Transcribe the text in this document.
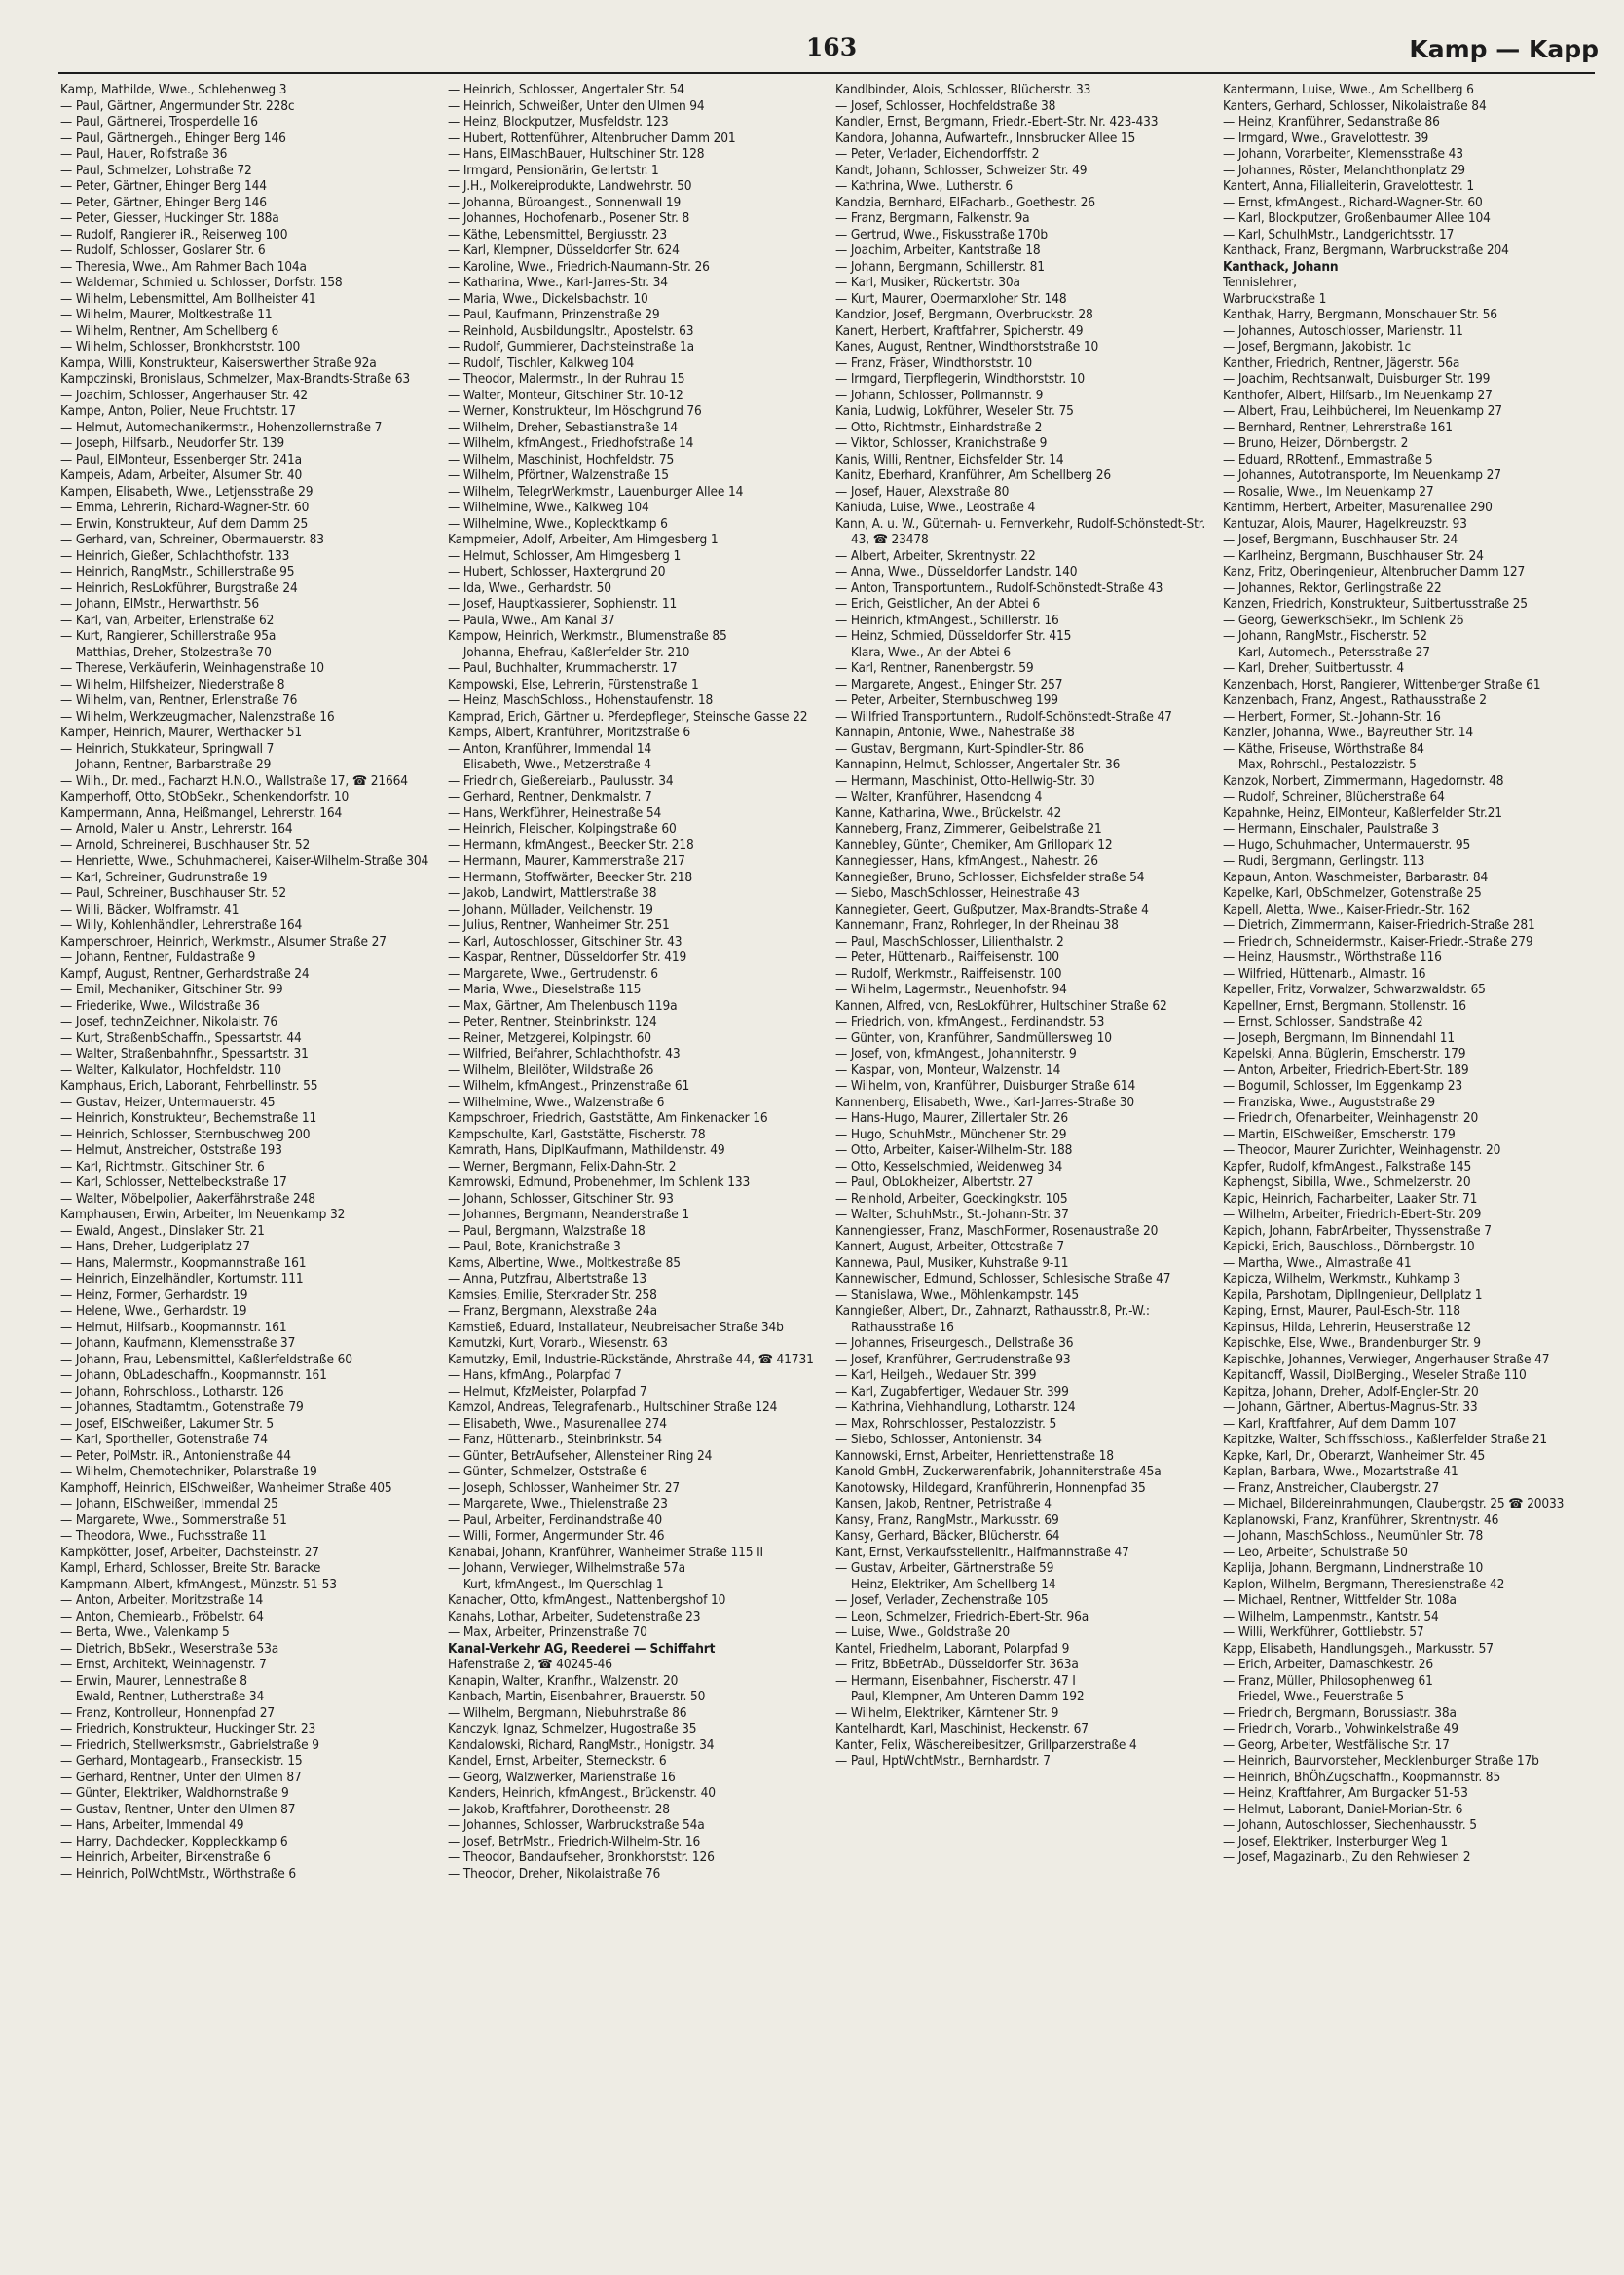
163	Kamp — Kapp
Kamp, Mathilde, Wwe., Schlehenweg 3
— Paul, Gärtner, Angermunder Str. 228c
— Paul, Gärtnerei, Trosperdelle 16
— Paul, Gärtnergeh., Ehinger Berg 146
— Paul, Hauer, Rolfstraße 36
— Paul, Schmelzer, Lohstraße 72
— Peter, Gärtner, Ehinger Berg 144
— Peter, Gärtner, Ehinger Berg 146
— Peter, Giesser, Huckinger Str. 188a
— Rudolf, Rangierer iR., Reiserweg 100
— Rudolf, Schlosser, Goslarer Str. 6
— Theresia, Wwe., Am Rahmer Bach 104a
— Waldemar, Schmied u. Schlosser, Dorfstr. 158
— Wilhelm, Lebensmittel, Am Bollheister 41
— Wilhelm, Maurer, Moltkestraße 11
— Wilhelm, Rentner, Am Schellberg 6
— Wilhelm, Schlosser, Bronkhorststr. 100
Kampa, Willi, Konstrukteur, Kaiserswerther Straße 92a
Kampczinski, Bronislaus, Schmelzer, Max-Brandts-Straße 63
— Joachim, Schlosser, Angerhauser Str. 42
Kampe, Anton, Polier, Neue Fruchtstr. 17
— Helmut, Automechanikermstr., Hohenzollernstraße 7
— Joseph, Hilfsarb., Neudorfer Str. 139
— Paul, ElMonteur, Essenberger Str. 241a
Kampeis, Adam, Arbeiter, Alsumer Str. 40
Kampen, Elisabeth, Wwe., Letjensstraße 29
— Emma, Lehrerin, Richard-Wagner-Str. 60
— Erwin, Konstrukteur, Auf dem Damm 25
— Gerhard, van, Schreiner, Obermauerstr. 83
— Heinrich, Gießer, Schlachthofstr. 133
— Heinrich, RangMstr., Schillerstraße 95
— Heinrich, ResLokführer, Burgstraße 24
— Johann, ElMstr., Herwarthstr. 56
— Karl, van, Arbeiter, Erlenstraße 62
— Kurt, Rangierer, Schillerstraße 95a
— Matthias, Dreher, Stolzestraße 70
— Therese, Verkäuferin, Weinhagenstraße 10
— Wilhelm, Hilfsheizer, Niederstraße 8
— Wilhelm, van, Rentner, Erlenstraße 76
— Wilhelm, Werkzeugmacher, Nalenzstraße 16
Kamper, Heinrich, Maurer, Werthacker 51
— Heinrich, Stukkateur, Springwall 7
— Johann, Rentner, Barbarstraße 29
— Wilh., Dr. med., Facharzt H.N.O., Wallstraße 17, ☎ 21664
Kamperhoff, Otto, StObSekr., Schenkendorfstr. 10
Kampermann, Anna, Heißmangel, Lehrerstr. 164
— Arnold, Maler u. Anstr., Lehrerstr. 164
— Arnold, Schreinerei, Buschhauser Str. 52
— Henriette, Wwe., Schuhmacherei, Kaiser-Wilhelm-Straße 304
— Karl, Schreiner, Gudrunstraße 19
— Paul, Schreiner, Buschhauser Str. 52
— Willi, Bäcker, Wolframstr. 41
— Willy, Kohlenhändler, Lehrerstraße 164
Kamperschroer, Heinrich, Werkmstr., Alsumer Straße 27
— Johann, Rentner, Fuldastraße 9
Kampf, August, Rentner, Gerhardstraße 24
— Emil, Mechaniker, Gitschiner Str. 99
— Friederike, Wwe., Wildstraße 36
— Josef, technZeichner, Nikolaistr. 76
— Kurt, StraßenbSchaffn., Spessartstr. 44
— Walter, Straßenbahnfhr., Spessartstr. 31
— Walter, Kalkulator, Hochfeldstr. 110
Kamphaus, Erich, Laborant, Fehrbellinstr. 55
— Gustav, Heizer, Untermauerstr. 45
— Heinrich, Konstrukteur, Bechemstraße 11
— Heinrich, Schlosser, Sternbuschweg 200
— Helmut, Anstreicher, Oststraße 193
— Karl, Richtmstr., Gitschiner Str. 6
— Karl, Schlosser, Nettelbeckstraße 17
— Walter, Möbelpolier, Aakerfährstraße 248
Kamphausen, Erwin, Arbeiter, Im Neuenkamp 32
— Ewald, Angest., Dinslaker Str. 21
— Hans, Dreher, Ludgeriplatz 27
— Hans, Malermstr., Koopmannstraße 161
— Heinrich, Einzelhändler, Kortumstr. 111
— Heinz, Former, Gerhardstr. 19
— Helene, Wwe., Gerhardstr. 19
— Helmut, Hilfsarb., Koopmannstr. 161
— Johann, Kaufmann, Klemensstraße 37
— Johann, Frau, Lebensmittel, Kaßlerfeldstraße 60
— Johann, ObLadeschaffn., Koopmannstr. 161
— Johann, Rohrschloss., Lotharstr. 126
— Johannes, Stadtamtm., Gotenstraße 79
— Josef, ElSchweißer, Lakumer Str. 5
— Karl, Sportheller, Gotenstraße 74
— Peter, PolMstr. iR., Antonienstraße 44
— Wilhelm, Chemotechniker, Polarstraße 19
Kamphoff, Heinrich, ElSchweißer, Wanheimer Straße 405
— Johann, ElSchweißer, Immendal 25
— Margarete, Wwe., Sommerstraße 51
— Theodora, Wwe., Fuchsstraße 11
Kampkötter, Josef, Arbeiter, Dachsteinstr. 27
Kampl, Erhard, Schlosser, Breite Str. Baracke
Kampmann, Albert, kfmAngest., Münzstr. 51-53
— Anton, Arbeiter, Moritzstraße 14
— Anton, Chemiearb., Fröbelstr. 64
— Berta, Wwe., Valenkamp 5
— Dietrich, BbSekr., Weserstraße 53a
— Ernst, Architekt, Weinhagenstr. 7
— Erwin, Maurer, Lennestraße 8
— Ewald, Rentner, Lutherstraße 34
— Franz, Kontrolleur, Honnenpfad 27
— Friedrich, Konstrukteur, Huckinger Str. 23
— Friedrich, Stellwerksmstr., Gabrielstraße 9
— Gerhard, Montagearb., Franseckistr. 15
— Gerhard, Rentner, Unter den Ulmen 87
— Günter, Elektriker, Waldhornstraße 9
— Gustav, Rentner, Unter den Ulmen 87
— Hans, Arbeiter, Immendal 49
— Harry, Dachdecker, Koppleckkamp 6
— Heinrich, Arbeiter, Birkenstraße 6
— Heinrich, PolWchtMstr., Wörthstraße 6
— Heinrich, Schlosser, Angertaler Str. 54
— Heinrich, Schweißer, Unter den Ulmen 94
— Heinz, Blockputzer, Musfeldstr. 123
— Hubert, Rottenführer, Altenbrucher Damm 201
— Hans, ElMaschBauer, Hultschiner Str. 128
— Irmgard, Pensionärin, Gellertstr. 1
— J.H., Molkereiprodukte, Landwehrstr. 50
— Johanna, Büroangest., Sonnenwall 19
— Johannes, Hochofenarb., Posener Str. 8
— Käthe, Lebensmittel, Bergiusstr. 23
— Karl, Klempner, Düsseldorfer Str. 624
— Karoline, Wwe., Friedrich-Naumann-Str. 26
— Katharina, Wwe., Karl-Jarres-Str. 34
— Maria, Wwe., Dickelsbachstr. 10
— Paul, Kaufmann, Prinzenstraße 29
— Reinhold, Ausbildungsltr., Apostelstr. 63
— Rudolf, Gummierer, Dachsteinstraße 1a
— Rudolf, Tischler, Kalkweg 104
— Theodor, Malermstr., In der Ruhrau 15
— Walter, Monteur, Gitschiner Str. 10-12
— Werner, Konstrukteur, Im Höschgrund 76
— Wilhelm, Dreher, Sebastianstraße 14
— Wilhelm, kfmAngest., Friedhofstraße 14
— Wilhelm, Maschinist, Hochfeldstr. 75
— Wilhelm, Pförtner, Walzenstraße 15
— Wilhelm, TelegrWerkmstr., Lauenburger Allee 14
— Wilhelmine, Wwe., Kalkweg 104
— Wilhelmine, Wwe., Koplecktkamp 6
Kampmeier, Adolf, Arbeiter, Am Himgesberg 1
— Helmut, Schlosser, Am Himgesberg 1
— Hubert, Schlosser, Haxtergrund 20
— Ida, Wwe., Gerhardstr. 50
— Josef, Hauptkassierer, Sophienstr. 11
— Paula, Wwe., Am Kanal 37
Kampow, Heinrich, Werkmstr., Blumenstraße 85
— Johanna, Ehefrau, Kaßlerfelder Str. 210
— Paul, Buchhalter, Krummacherstr. 17
Kampowski, Else, Lehrerin, Fürstenstraße 1
— Heinz, MaschSchloss., Hohenstaufenstr. 18
Kamprad, Erich, Gärtner u. Pferdepfleger, Steinsche Gasse 22
Kamps, Albert, Kranführer, Moritzstraße 6
— Anton, Kranführer, Immendal 14
— Elisabeth, Wwe., Metzerstraße 4
— Friedrich, Gießereiarb., Paulusstr. 34
— Gerhard, Rentner, Denkmalstr. 7
— Hans, Werkführer, Heinestraße 54
— Heinrich, Fleischer, Kolpingstraße 60
— Hermann, kfmAngest., Beecker Str. 218
— Hermann, Maurer, Kammerstraße 217
— Hermann, Stoffwärter, Beecker Str. 218
— Jakob, Landwirt, Mattlerstraße 38
— Johann, Müllader, Veilchenstr. 19
— Julius, Rentner, Wanheimer Str. 251
— Karl, Autoschlosser, Gitschiner Str. 43
— Kaspar, Rentner, Düsseldorfer Str. 419
— Margarete, Wwe., Gertrudenstr. 6
— Maria, Wwe., Dieselstraße 115
— Max, Gärtner, Am Thelenbusch 119a
— Peter, Rentner, Steinbrinkstr. 124
— Reiner, Metzgerei, Kolpingstr. 60
— Wilfried, Beifahrer, Schlachthofstr. 43
— Wilhelm, Bleilöter, Wildstraße 26
— Wilhelm, kfmAngest., Prinzenstraße 61
— Wilhelmine, Wwe., Walzenstraße 6
Kampschroer, Friedrich, Gaststätte, Am Finkenacker 16
Kampschulte, Karl, Gaststätte, Fischerstr. 78
Kamrath, Hans, DiplKaufmann, Mathildenstr. 49
— Werner, Bergmann, Felix-Dahn-Str. 2
Kamrowski, Edmund, Probenehmer, Im Schlenk 133
— Johann, Schlosser, Gitschiner Str. 93
— Johannes, Bergmann, Neanderstraße 1
— Paul, Bergmann, Walzstraße 18
— Paul, Bote, Kranichstraße 3
Kams, Albertine, Wwe., Moltkestraße 85
— Anna, Putzfrau, Albertstraße 13
Kamsies, Emilie, Sterkrader Str. 258
— Franz, Bergmann, Alexstraße 24a
Kamstieß, Eduard, Installateur, Neubreisacher Straße 34b
Kamutzki, Kurt, Vorarb., Wiesenstr. 63
Kamutzky, Emil, Industrie-Rückstände, Ahrstraße 44, ☎ 41731
— Hans, kfmAng., Polarpfad 7
— Helmut, KfzMeister, Polarpfad 7
Kamzol, Andreas, Telegrafenarb., Hultschiner Straße 124
— Elisabeth, Wwe., Masurenallee 274
— Fanz, Hüttenarb., Steinbrinkstr. 54
— Günter, BetrAufseher, Allensteiner Ring 24
— Günter, Schmelzer, Oststraße 6
— Joseph, Schlosser, Wanheimer Str. 27
— Margarete, Wwe., Thielenstraße 23
— Paul, Arbeiter, Ferdinandstraße 40
— Willi, Former, Angermunder Str. 46
Kanabai, Johann, Kranführer, Wanheimer Straße 115 II
— Johann, Verwieger, Wilhelmstraße 57a
— Kurt, kfmAngest., Im Querschlag 1
Kanacher, Otto, kfmAngest., Nattenbergshof 10
Kanahs, Lothar, Arbeiter, Sudetenstraße 23
— Max, Arbeiter, Prinzenstraße 70
Kanal-Verkehr AG, Reederei — Schiffahrt
Hafenstraße 2, ☎ 40245-46
Kanapin, Walter, Kranfhr., Walzenstr. 20
Kanbach, Martin, Eisenbahner, Brauerstr. 50
— Wilhelm, Bergmann, Niebuhrstraße 86
Kanczyk, Ignaz, Schmelzer, Hugostraße 35
Kandalowski, Richard, RangMstr., Honigstr. 34
Kandel, Ernst, Arbeiter, Sterneckstr. 6
— Georg, Walzwerker, Marienstraße 16
Kanders, Heinrich, kfmAngest., Brückenstr. 40
— Jakob, Kraftfahrer, Dorotheenstr. 28
— Johannes, Schlosser, Warbruckstraße 54a
— Josef, BetrMstr., Friedrich-Wilhelm-Str. 16
— Theodor, Bandaufseher, Bronkhorststr. 126
— Theodor, Dreher, Nikolaistraße 76
Kandlbinder, Alois, Schlosser, Blücherstr. 33
— Josef, Schlosser, Hochfeldstraße 38
Kandler, Ernst, Bergmann, Friedr.-Ebert-Str. Nr. 423-433
Kandora, Johanna, Aufwartefr., Innsbrucker Allee 15
— Peter, Verlader, Eichendorffstr. 2
Kandt, Johann, Schlosser, Schweizer Str. 49
— Kathrina, Wwe., Lutherstr. 6
Kandzia, Bernhard, ElFacharb., Goethestr. 26
— Franz, Bergmann, Falkenstr. 9a
— Gertrud, Wwe., Fiskusstraße 170b
— Joachim, Arbeiter, Kantstraße 18
— Johann, Bergmann, Schillerstr. 81
— Karl, Musiker, Rückertstr. 30a
— Kurt, Maurer, Obermarxloher Str. 148
Kandzior, Josef, Bergmann, Overbruckstr. 28
Kanert, Herbert, Kraftfahrer, Spicherstr. 49
Kanes, August, Rentner, Windthorststraße 10
— Franz, Fräser, Windthorststr. 10
— Irmgard, Tierpflegerin, Windthorststr. 10
— Johann, Schlosser, Pollmannstr. 9
Kania, Ludwig, Lokführer, Weseler Str. 75
— Otto, Richtmstr., Einhardstraße 2
— Viktor, Schlosser, Kranichstraße 9
Kanis, Willi, Rentner, Eichsfelder Str. 14
Kanitz, Eberhard, Kranführer, Am Schellberg 26
— Josef, Hauer, Alexstraße 80
Kaniuda, Luise, Wwe., Leostraße 4
Kann, A. u. W., Güternah- u. Fernverkehr, Rudolf-Schönstedt-Str. 43, ☎ 23478
— Albert, Arbeiter, Skrentnystr. 22
— Anna, Wwe., Düsseldorfer Landstr. 140
— Anton, Transportuntern., Rudolf-Schönstedt-Straße 43
— Erich, Geistlicher, An der Abtei 6
— Heinrich, kfmAngest., Schillerstr. 16
— Heinz, Schmied, Düsseldorfer Str. 415
— Klara, Wwe., An der Abtei 6
— Karl, Rentner, Ranenbergstr. 59
— Margarete, Angest., Ehinger Str. 257
— Peter, Arbeiter, Sternbuschweg 199
— Willfried Transportuntern., Rudolf-Schönstedt-Straße 47
Kannapin, Antonie, Wwe., Nahestraße 38
— Gustav, Bergmann, Kurt-Spindler-Str. 86
Kannapinn, Helmut, Schlosser, Angertaler Str. 36
— Hermann, Maschinist, Otto-Hellwig-Str. 30
— Walter, Kranführer, Hasendong 4
Kanne, Katharina, Wwe., Brückelstr. 42
Kanneberg, Franz, Zimmerer, Geibelstraße 21
Kannebley, Günter, Chemiker, Am Grillopark 12
Kannegiesser, Hans, kfmAngest., Nahestr. 26
Kannegießer, Bruno, Schlosser, Eichsfelder straße 54
— Siebo, MaschSchlosser, Heinestraße 43
Kannegieter, Geert, Gußputzer, Max-Brandts-Straße 4
Kannemann, Franz, Rohrleger, In der Rheinau 38
— Paul, MaschSchlosser, Lilienthalstr. 2
— Peter, Hüttenarb., Raiffeisenstr. 100
— Rudolf, Werkmstr., Raiffeisenstr. 100
— Wilhelm, Lagermstr., Neuenhofstr. 94
Kannen, Alfred, von, ResLokführer, Hultschiner Straße 62
— Friedrich, von, kfmAngest., Ferdinandstr. 53
— Günter, von, Kranführer, Sandmüllersweg 10
— Josef, von, kfmAngest., Johanniterstr. 9
— Kaspar, von, Monteur, Walzenstr. 14
— Wilhelm, von, Kranführer, Duisburger Straße 614
Kannenberg, Elisabeth, Wwe., Karl-Jarres-Straße 30
— Hans-Hugo, Maurer, Zillertaler Str. 26
— Hugo, SchuhMstr., Münchener Str. 29
— Otto, Arbeiter, Kaiser-Wilhelm-Str. 188
— Otto, Kesselschmied, Weidenweg 34
— Paul, ObLokheizer, Albertstr. 27
— Reinhold, Arbeiter, Goeckingkstr. 105
— Walter, SchuhMstr., St.-Johann-Str. 37
Kannengiesser, Franz, MaschFormer, Rosenaustraße 20
Kannert, August, Arbeiter, Ottostraße 7
Kannewa, Paul, Musiker, Kuhstraße 9-11
Kannewischer, Edmund, Schlosser, Schlesische Straße 47
— Stanislawa, Wwe., Möhlenkampstr. 145
Kanngießer, Albert, Dr., Zahnarzt, Rathausstr.8, Pr.-W.: Rathausstraße 16
— Johannes, Friseurgesch., Dellstraße 36
— Josef, Kranführer, Gertrudenstraße 93
— Karl, Heilgeh., Wedauer Str. 399
— Karl, Zugabfertiger, Wedauer Str. 399
— Kathrina, Viehhandlung, Lotharstr. 124
— Max, Rohrschlosser, Pestalozzistr. 5
— Siebo, Schlosser, Antonienstr. 34
Kannowski, Ernst, Arbeiter, Henriettenstraße 18
Kanold GmbH, Zuckerwarenfabrik, Johanniterstraße 45a
Kanotowsky, Hildegard, Kranführerin, Honnenpfad 35
Kansen, Jakob, Rentner, Petristraße 4
Kansy, Franz, RangMstr., Markusstr. 69
Kansy, Gerhard, Bäcker, Blücherstr. 64
Kant, Ernst, Verkaufsstellenltr., Halfmannstraße 47
— Gustav, Arbeiter, Gärtnerstraße 59
— Heinz, Elektriker, Am Schellberg 14
— Josef, Verlader, Zechenstraße 105
— Leon, Schmelzer, Friedrich-Ebert-Str. 96a
— Luise, Wwe., Goldstraße 20
Kantel, Friedhelm, Laborant, Polarpfad 9
— Fritz, BbBetrAb., Düsseldorfer Str. 363a
— Hermann, Eisenbahner, Fischerstr. 47 I
— Paul, Klempner, Am Unteren Damm 192
— Wilhelm, Elektriker, Kärntener Str. 9
Kantelhardt, Karl, Maschinist, Heckenstr. 67
Kanter, Felix, Wäschereibesitzer, Grillparzerstraße 4
— Paul, HptWchtMstr., Bernhardstr. 7
Kantermann, Luise, Wwe., Am Schellberg 6
Kanters, Gerhard, Schlosser, Nikolaistraße 84
— Heinz, Kranführer, Sedanstraße 86
— Irmgard, Wwe., Gravelottestr. 39
— Johann, Vorarbeiter, Klemensstraße 43
— Johannes, Röster, Melanchthonplatz 29
Kantert, Anna, Filialleiterin, Gravelottestr. 1
— Ernst, kfmAngest., Richard-Wagner-Str. 60
— Karl, Blockputzer, Großenbaumer Allee 104
— Karl, SchulhMstr., Landgerichtsstr. 17
Kanthack, Franz, Bergmann, Warbruckstraße 204
Kanthack, Johann
Tennislehrer,
Warbruckstraße 1
Kanthak, Harry, Bergmann, Monschauer Str. 56
— Johannes, Autoschlosser, Marienstr. 11
— Josef, Bergmann, Jakobistr. 1c
Kanther, Friedrich, Rentner, Jägerstr. 56a
— Joachim, Rechtsanwalt, Duisburger Str. 199
Kanthofer, Albert, Hilfsarb., Im Neuenkamp 27
— Albert, Frau, Leihbücherei, Im Neuenkamp 27
— Bernhard, Rentner, Lehrerstraße 161
— Bruno, Heizer, Dörnbergstr. 2
— Eduard, RRottenf., Emmastraße 5
— Johannes, Autotransporte, Im Neuenkamp 27
— Rosalie, Wwe., Im Neuenkamp 27
Kantimm, Herbert, Arbeiter, Masurenallee 290
Kantuzar, Alois, Maurer, Hagelkreuzstr. 93
— Josef, Bergmann, Buschhauser Str. 24
— Karlheinz, Bergmann, Buschhauser Str. 24
Kanz, Fritz, Oberingenieur, Altenbrucher Damm 127
— Johannes, Rektor, Gerlingstraße 22
Kanzen, Friedrich, Konstrukteur, Suitbertusstraße 25
— Georg, GewerkschSekr., Im Schlenk 26
— Johann, RangMstr., Fischerstr. 52
— Karl, Automech., Petersstraße 27
— Karl, Dreher, Suitbertusstr. 4
Kanzenbach, Horst, Rangierer, Wittenberger Straße 61
Kanzenbach, Franz, Angest., Rathausstraße 2
— Herbert, Former, St.-Johann-Str. 16
Kanzler, Johanna, Wwe., Bayreuther Str. 14
— Käthe, Friseuse, Wörthstraße 84
— Max, Rohrschl., Pestalozzistr. 5
Kanzok, Norbert, Zimmermann, Hagedornstr. 48
— Rudolf, Schreiner, Blücherstraße 64
Kapahnke, Heinz, ElMonteur, Kaßlerfelder Str.21
— Hermann, Einschaler, Paulstraße 3
— Hugo, Schuhmacher, Untermauerstr. 95
— Rudi, Bergmann, Gerlingstr. 113
Kapaun, Anton, Waschmeister, Barbarastr. 84
Kapelke, Karl, ObSchmelzer, Gotenstraße 25
Kapell, Aletta, Wwe., Kaiser-Friedr.-Str. 162
— Dietrich, Zimmermann, Kaiser-Friedrich-Straße 281
— Friedrich, Schneidermstr., Kaiser-Friedr.-Straße 279
— Heinz, Hausmstr., Wörthstraße 116
— Wilfried, Hüttenarb., Almastr. 16
Kapeller, Fritz, Vorwalzer, Schwarzwaldstr. 65
Kapellner, Ernst, Bergmann, Stollenstr. 16
— Ernst, Schlosser, Sandstraße 42
— Joseph, Bergmann, Im Binnendahl 11
Kapelski, Anna, Büglerin, Emscherstr. 179
— Anton, Arbeiter, Friedrich-Ebert-Str. 189
— Bogumil, Schlosser, Im Eggenkamp 23
— Franziska, Wwe., Auguststraße 29
— Friedrich, Ofenarbeiter, Weinhagenstr. 20
— Martin, ElSchweißer, Emscherstr. 179
— Theodor, Maurer Zurichter, Weinhagenstr. 20
Kapfer, Rudolf, kfmAngest., Falkstraße 145
Kaphengst, Sibilla, Wwe., Schmelzerstr. 20
Kapic, Heinrich, Facharbeiter, Laaker Str. 71
— Wilhelm, Arbeiter, Friedrich-Ebert-Str. 209
Kapich, Johann, FabrArbeiter, Thyssenstraße 7
Kapicki, Erich, Bauschloss., Dörnbergstr. 10
— Martha, Wwe., Almastraße 41
Kapicza, Wilhelm, Werkmstr., Kuhkamp 3
Kapila, Parshotam, DiplIngenieur, Dellplatz 1
Kaping, Ernst, Maurer, Paul-Esch-Str. 118
Kapinsus, Hilda, Lehrerin, Heuserstraße 12
Kapischke, Else, Wwe., Brandenburger Str. 9
Kapischke, Johannes, Verwieger, Angerhauser Straße 47
Kapitanoff, Wassil, DiplBerging., Weseler Straße 110
Kapitza, Johann, Dreher, Adolf-Engler-Str. 20
— Johann, Gärtner, Albertus-Magnus-Str. 33
— Karl, Kraftfahrer, Auf dem Damm 107
Kapitzke, Walter, Schiffsschloss., Kaßlerfelder Straße 21
Kapke, Karl, Dr., Oberarzt, Wanheimer Str. 45
Kaplan, Barbara, Wwe., Mozartstraße 41
— Franz, Anstreicher, Claubergstr. 27
— Michael, Bildereinrahmungen, Claubergstr. 25 ☎ 20033
Kaplanowski, Franz, Kranführer, Skrentnystr. 46
— Johann, MaschSchloss., Neumühler Str. 78
— Leo, Arbeiter, Schulstraße 50
Kaplija, Johann, Bergmann, Lindnerstraße 10
Kaplon, Wilhelm, Bergmann, Theresienstraße 42
— Michael, Rentner, Wittfelder Str. 108a
— Wilhelm, Lampenmstr., Kantstr. 54
— Willi, Werkführer, Gottliebstr. 57
Kapp, Elisabeth, Handlungsgeh., Markusstr. 57
— Erich, Arbeiter, Damaschkestr. 26
— Franz, Müller, Philosophenweg 61
— Friedel, Wwe., Feuerstraße 5
— Friedrich, Bergmann, Borussiastr. 38a
— Friedrich, Vorarb., Vohwinkelstraße 49
— Georg, Arbeiter, Westfälische Str. 17
— Heinrich, Baurvorsteher, Mecklenburger Straße 17b
— Heinrich, BhÖhZugschaffn., Koopmannstr. 85
— Heinz, Kraftfahrer, Am Burgacker 51-53
— Helmut, Laborant, Daniel-Morian-Str. 6
— Johann, Autoschlosser, Siechenhausstr. 5
— Josef, Elektriker, Insterburger Weg 1
— Josef, Magazinarb., Zu den Rehwiesen 2
